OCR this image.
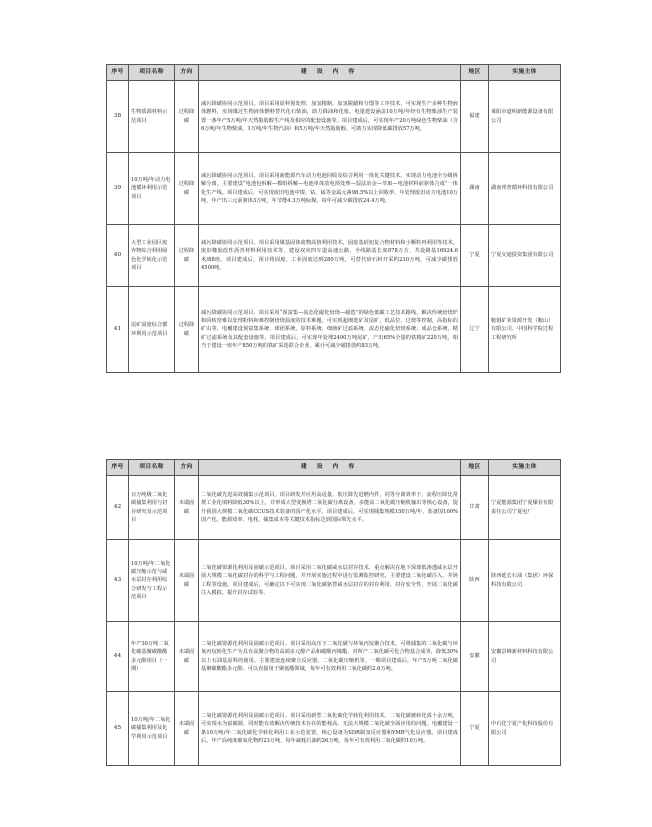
序号	项目名称	方向	建 设 内 容	地区	实施主体
38	生物质源材料示范项目	过程降碳	减污降碳协同示范项目。项目采用原料预处理、加氢精制、加氢脱蜡和分馏等工序技术，可实现生产多种生物液体燃料，实现煤过生物液体燃料替代化石柴油，助力降油和化妆。电量建设涵盖10万吨/年经有生物柴油生产装置一条年产5万吨/年天然脂肪醇生产线及相应的配套设施等。项目建成后，可实现年产20万吨绿色生物柴油（含6万吨/年生物柴油，1万吨/年生物汽油）和5万吨/年天然脂肪醇，可助力实现降低碳排放57万吨。	福建	莱阳市道明新能源设备有限公司
39	10万吨/年动力电池循环利用示范项目	过程降碳	减污降碳协同示范项目。项目采用新能源汽车动力电池回收及综合利用一体化关键技术，实现动力电池全分级拆解分离。主要建设“电池包拆解—模组拆解—电池单体放电预处理—湿法冶金—萃取—电池材料前驱体合成”一体化生产线。项目建成后，可实现废旧电池中镍、钴、锰等金属元素98.5%以上回收率，年处理废旧动力电池10万吨，年产出三元前驱体3万吨，年节能4.3万吨标煤，每年可减少碳排放24.4万吨。	湖南	湖南邦普循环科技有限公司
40	大型工业园区废弃物综合利用绿色化学转化示范项目	过程降碳	减污降碳协同示范项目。项目采用煤基固体废物高值利用技术，固废基硅铝复合物材料和小颗粒再利用等技术，废旧橡胶改性沥青材料利用技术等，建设双向四车道高速公路，全线路基长度878万方，共设路基16924.6米/88座。项目建成后，预计将固废、工业固废达到280万吨，可替代砂石料开采约210万吨，可减少碳排放4500吨。	宁夏	宁夏交通投资集团有限公司
41	尾矿固废综合循环利用示范项目	过程降碳	减污降碳协同示范项目。项目采用“预富集—流态化磁化焙烧—磁选”的绿色低碳工艺技术路线，解决传统焙烧炉和回转窑难以处理粉料和难控制焙烧温度的技术难题。可实现超细选矿及尾矿，低品位、过烧等控制，高指标的矿山等，电覆建设预富集系统、球团系统、原料系统、细菌矿过滤系统、流态化磁化焙烧系统、成品仓系统，精矿过滤系统及其配套设施等。项目建成后，可实现年处理2400万吨尾矿，产出65%全量的铁精矿220万吨，相当于建设一座年产850万吨的铁矿采选联合企业，累计可减少碳排放约83万吨。	辽宁	鞍钢矿业资源开发（鞍山）有限公司、中国科学院过程工程研究所
序号	项目名称	方向	建 设 内 容	地区	实施主体
42	百万吨级二氧化碳捕集利用与封存研究及示范项目	末端固碳	二氧化碳先进高效捕集示范项目。项目研发并应用高适量、低压降先进燃内件，同等分离效率下，流程压降比常规工业化填料降低30%以上，并形成大型变换塔二氧化碳分离设备，多能高二氧化碳压缩机输出等核心设备，提升我国大规模二氧化碳CCUS技术装备的国产化水平。项目建成后，可实现捕集规模150万吨/年，装备国100%国产化，能源效率、电耗、捕集成本等关键技术指标达到国际领先水平。	甘肃	宁夏能源集团宁夏煤业有限责任公司宁夏电厂
43	10万吨/年二氧化碳压缩示范与咸水层封存利用综合研发与工程示范项目	末端固碳	二氧化碳资源化利用及固碳示范项目。项目采用二氧化碳咸水层封存技术，重点解决在地下深部低渗透咸水层开展大规模二氧化碳封存的科学与工程问题，并开展实施过程中进行监测监控研究。主要建设二氧化碳注入、井场工程等设施。项目建成后，可确定以下可实现二氧化碳驱替咸水层封存的封存利用、封存安全性，开展二氧化碳注入模拟、提升封存试验等。	陕西	陕西延长石油（集团）环保科技有限公司
44	年产30万吨二氧化碳基聚碳酸酯多元醇项目（一期）	末端固碳	二氧化碳资源化利用及固碳示范项目。项目采用高压下二氧化碳与环氧丙烷聚合技术，可将捕集的二氧化碳与环氧丙烷转化生产为具有高聚合物的高端多元醇产品和碳酸丙烯酯，对所产二氧化碳可化合物基合成等，降低30%以上石油基原料的使用。主要建设连续聚合反应器、二氧化碳压缩机等。一期项目建成后，年产5万吨二氧化碳基聚碳酸酯多元醇。可以直接用于聚氨酯领域，每年可有效利用二氧化碳约2.6万吨。	安徽	安徽景峰新材料科技有限公司
45	10万吨/年二氧化碳捕集利用及化学利用示范项目	末端固碳	二氧化碳资源化利用及固碳示范项目。项目采用新型二氧化碳化学转化利用技术，二氧化碳被转化成十余万吨，可实现水为富碳源，同时能有效解决传统技术存在的能耗高、无法大规模二氧化碳全面应用的问题。电覆建设一条10万吨/年二氧化碳化学转化利用工业示范装置，核心设备为SDR制氢反应器和YMR气化反应器。项目建成后，年产高纯度碳氧化物约23万吨，每年减耗石油约26万吨，每年可有效利用二氧化碳约10万吨。	宁夏	中石化宁夏产化科技股份有限公司
